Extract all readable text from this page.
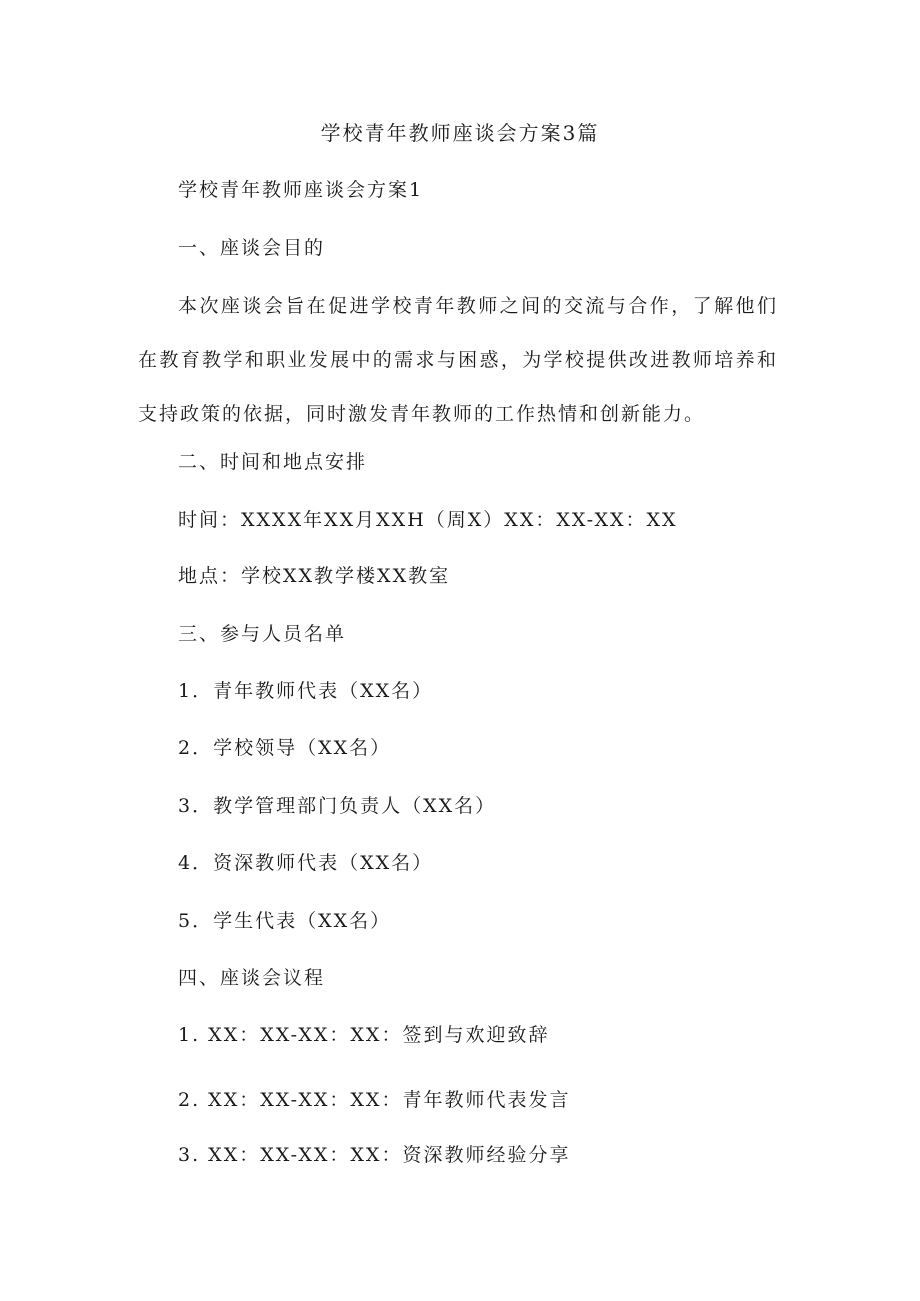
学校青年教师座谈会方案3篇
学校青年教师座谈会方案1
一、座谈会目的
本次座谈会旨在促进学校青年教师之间的交流与合作，了解他们在教育教学和职业发展中的需求与困惑，为学校提供改进教师培养和支持政策的依据，同时激发青年教师的工作热情和创新能力。
二、时间和地点安排
时间：XXXX年XX月XXH（周X）XX：XX-XX：XX
地点：学校XX教学楼XX教室
三、参与人员名单
1．青年教师代表（XX名）
2．学校领导（XX名）
3．教学管理部门负责人（XX名）
4．资深教师代表（XX名）
5．学生代表（XX名）
四、座谈会议程
1. XX：XX-XX：XX：签到与欢迎致辞
2. XX：XX-XX：XX：青年教师代表发言
3. XX：XX-XX：XX：资深教师经验分享
